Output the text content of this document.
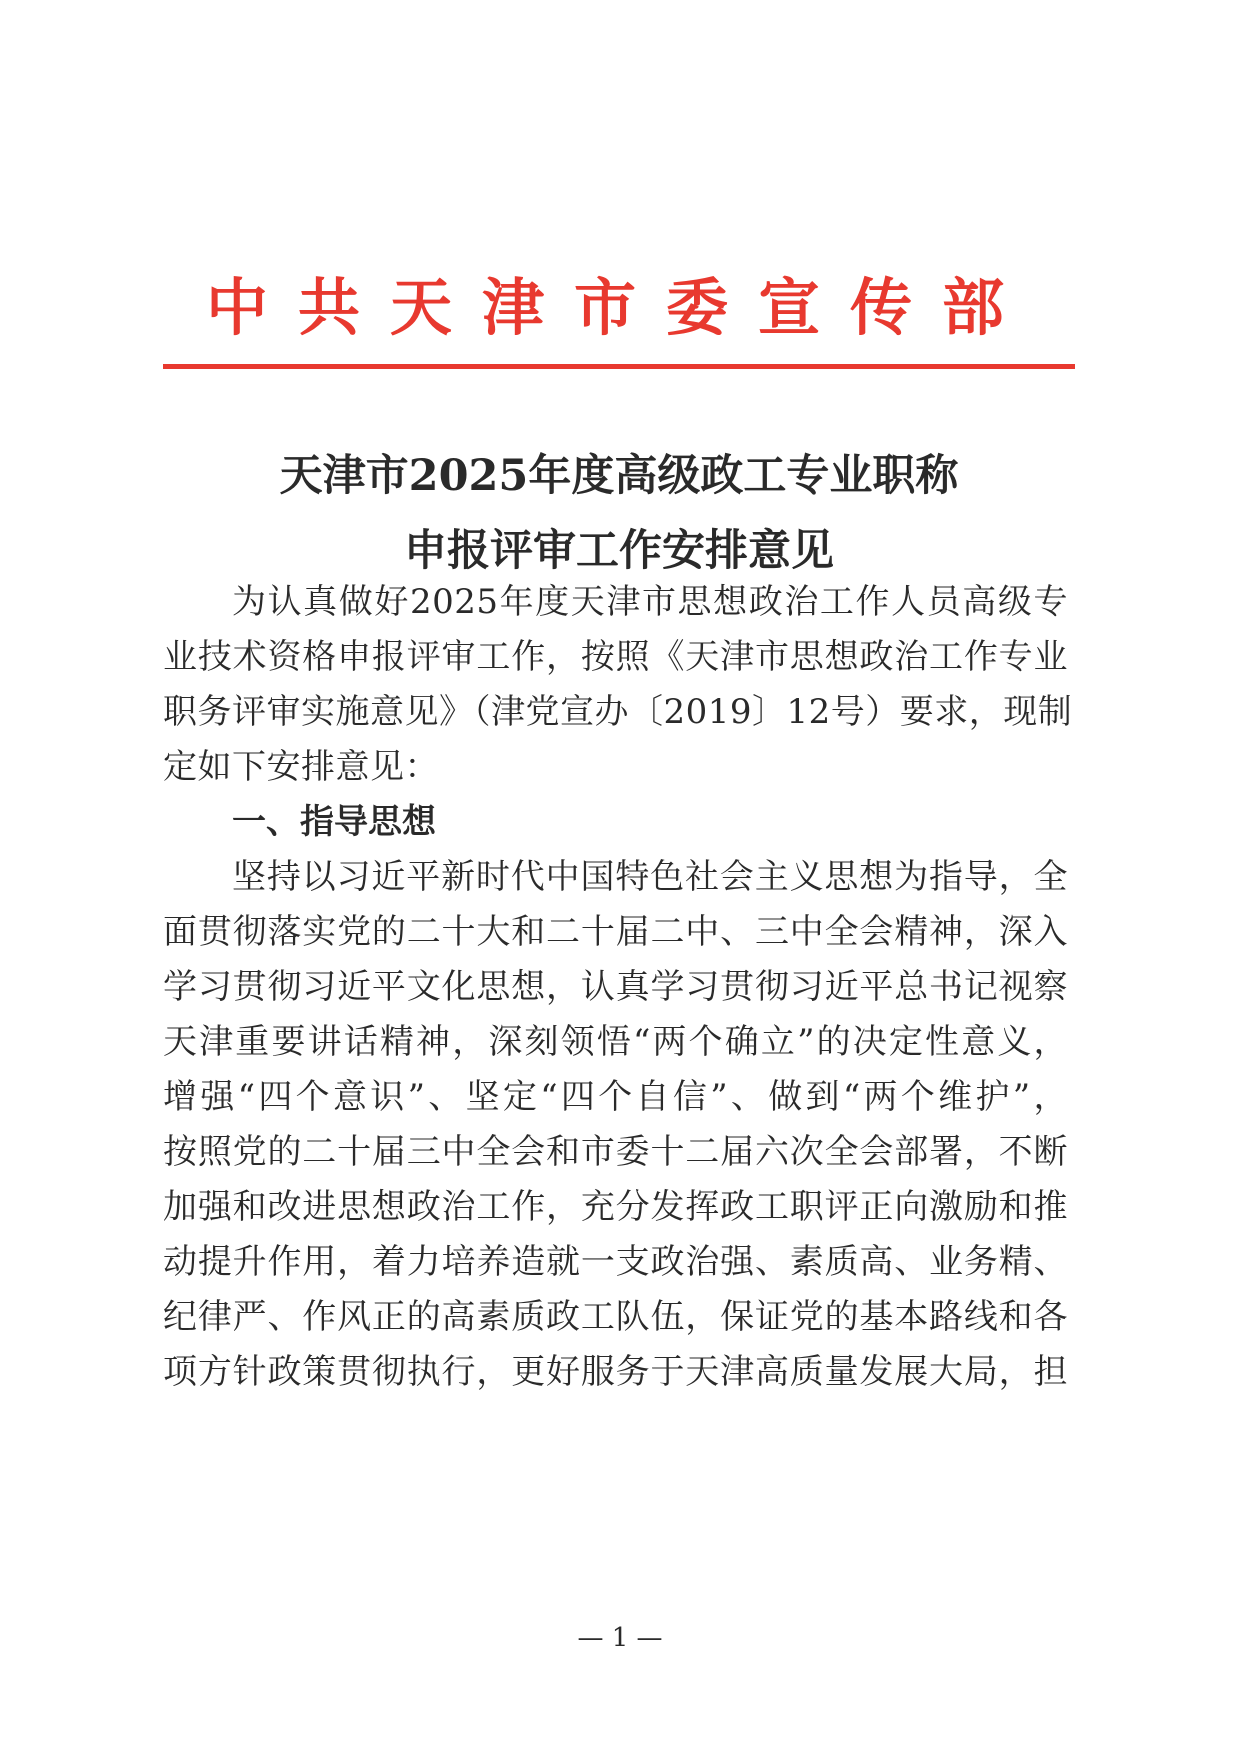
中共天津市委宣传部
天津市2025年度高级政工专业职称
申报评审工作安排意见
为认真做好2025年度天津市思想政治工作人员高级专
业技术资格申报评审工作，按照《天津市思想政治工作专业
职务评审实施意见》（津党宣办〔2019〕12号）要求，现制
定如下安排意见：
一、指导思想
坚持以习近平新时代中国特色社会主义思想为指导，全
面贯彻落实党的二十大和二十届二中、三中全会精神，深入
学习贯彻习近平文化思想，认真学习贯彻习近平总书记视察
天津重要讲话精神，深刻领悟“两个确立”的决定性意义，
增强“四个意识”、坚定“四个自信”、做到“两个维护”，
按照党的二十届三中全会和市委十二届六次全会部署，不断
加强和改进思想政治工作，充分发挥政工职评正向激励和推
动提升作用，着力培养造就一支政治强、素质高、业务精、
纪律严、作风正的高素质政工队伍，保证党的基本路线和各
项方针政策贯彻执行，更好服务于天津高质量发展大局，担
— 1 —
